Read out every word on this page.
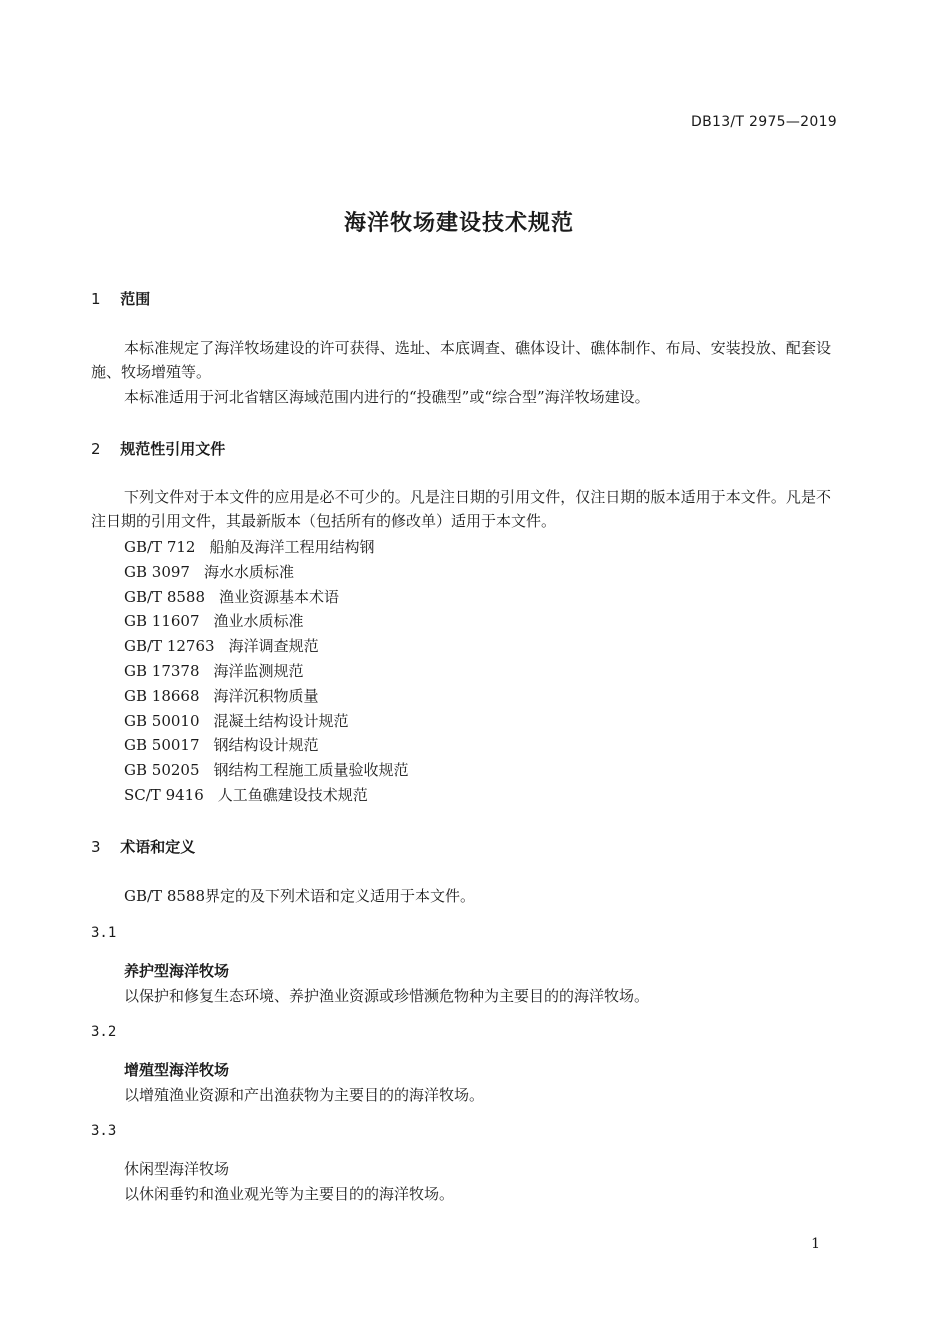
DB13/T 2975—2019
海洋牧场建设技术规范
1 范围
本标准规定了海洋牧场建设的许可获得、选址、本底调查、礁体设计、礁体制作、布局、安装投放、配套设施、牧场增殖等。
本标准适用于河北省辖区海域范围内进行的“投礁型”或“综合型”海洋牧场建设。
2 规范性引用文件
下列文件对于本文件的应用是必不可少的。凡是注日期的引用文件，仅注日期的版本适用于本文件。凡是不注日期的引用文件，其最新版本（包括所有的修改单）适用于本文件。
GB/T 712 船舶及海洋工程用结构钢
GB 3097 海水水质标准
GB/T 8588 渔业资源基本术语
GB 11607 渔业水质标准
GB/T 12763 海洋调查规范
GB 17378 海洋监测规范
GB 18668 海洋沉积物质量
GB 50010 混凝土结构设计规范
GB 50017 钢结构设计规范
GB 50205 钢结构工程施工质量验收规范
SC/T 9416 人工鱼礁建设技术规范
3 术语和定义
GB/T 8588界定的及下列术语和定义适用于本文件。
3.1
养护型海洋牧场
以保护和修复生态环境、养护渔业资源或珍惜濒危物种为主要目的的海洋牧场。
3.2
增殖型海洋牧场
以增殖渔业资源和产出渔获物为主要目的的海洋牧场。
3.3
休闲型海洋牧场
以休闲垂钓和渔业观光等为主要目的的海洋牧场。
1
